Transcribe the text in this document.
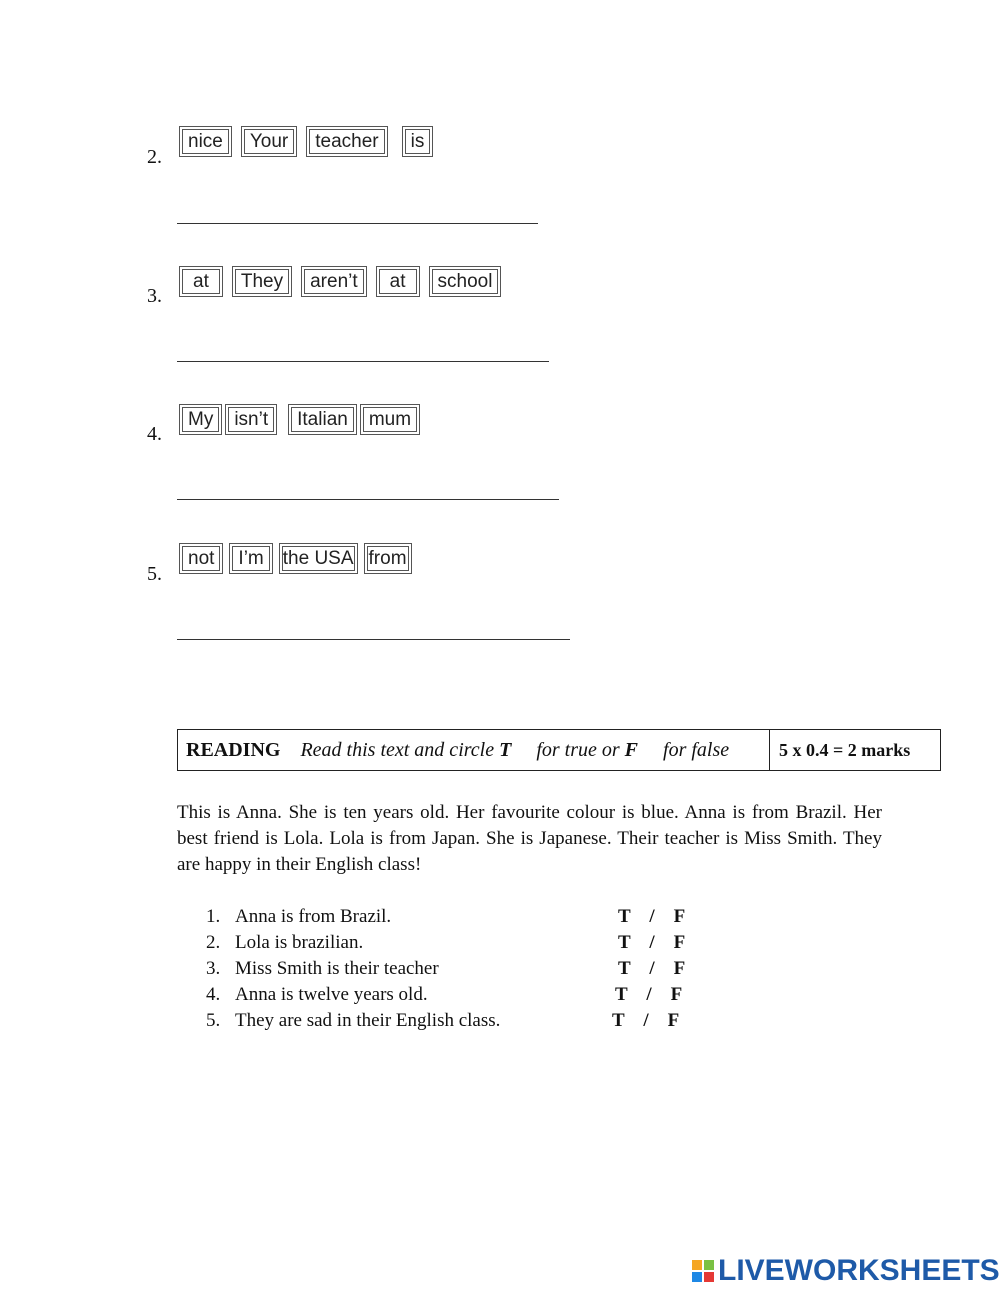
2.
nice	Your	teacher	is
3.
at	They	aren’t	at	school
4.
My	isn’t	Italian	mum
5.
not	I’m	the USA from
READING Read this text and circle T for true or F for false	5 x 0.4 = 2 marks
This is Anna. She is ten years old. Her favourite colour is blue. Anna is from Brazil. Her best friend is Lola. Lola is from Japan. She is Japanese. Their teacher is Miss Smith. They are happy in their English class!
1. Anna is from Brazil.	T    /    F
2. Lola is brazilian.	T    /    F
3. Miss Smith is their teacher	T    /    F
4. Anna is twelve years old.	T    /    F
5. They are sad in their English class.	T    /    F
LIVEWORKSHEETS
